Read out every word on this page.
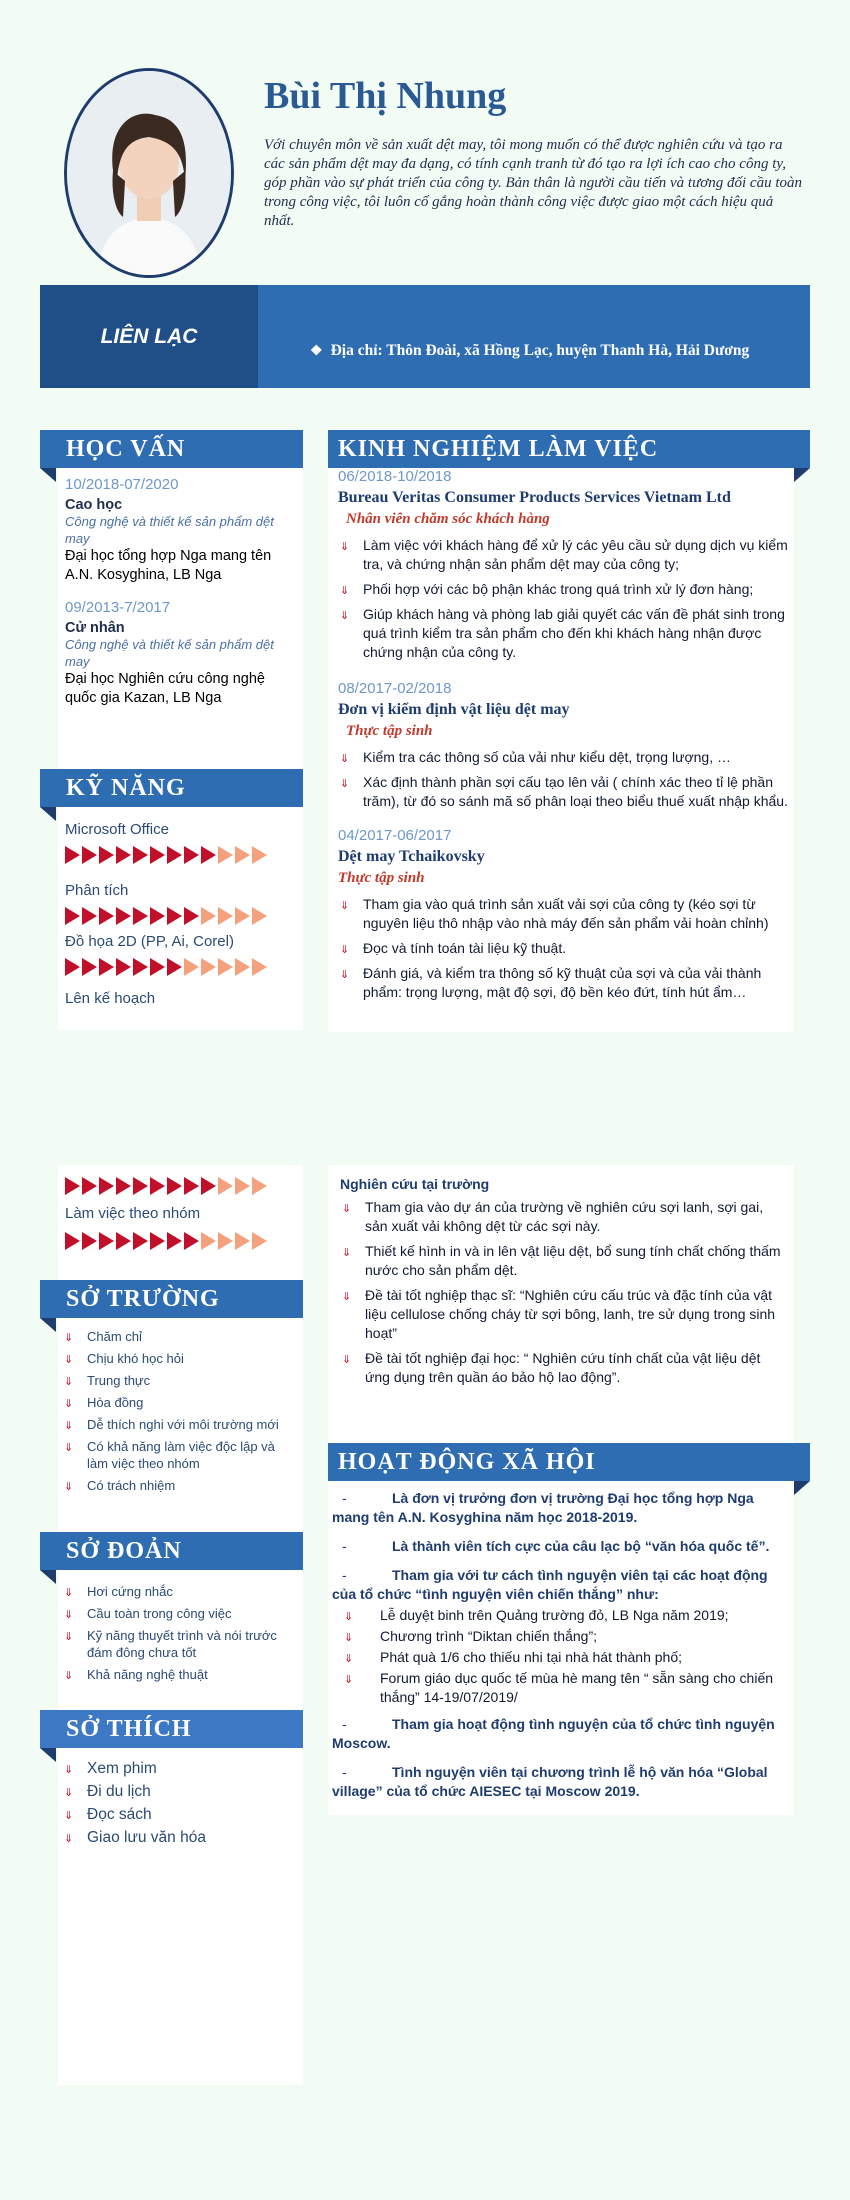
Bùi Thị Nhung
Với chuyên môn về sản xuất dệt may, tôi mong muốn có thể được nghiên cứu và tạo ra các sản phẩm dệt may đa dạng, có tính cạnh tranh từ đó tạo ra lợi ích cao cho công ty, góp phần vào sự phát triển của công ty. Bản thân là người cầu tiến và tương đối cầu toàn trong công việc, tôi luôn cố gắng hoàn thành công việc được giao một cách hiệu quả nhất.
LIÊN LẠC
❖ Địa chỉ: Thôn Đoài, xã Hồng Lạc, huyện Thanh Hà, Hải Dương
HỌC VẤN
10/2018-07/2020
Cao học
Công nghệ và thiết kế sản phẩm dệt may
Đại học tổng hợp Nga mang tên A.N. Kosyghina, LB Nga
09/2013-7/2017
Cử nhân
Công nghệ và thiết kế sản phẩm dệt may
Đại học Nghiên cứu công nghệ quốc gia Kazan, LB Nga
KỸ NĂNG
Microsoft Office
Phân tích
Đồ họa 2D (PP, Ai, Corel)
Lên kế hoạch
KINH NGHIỆM LÀM VIỆC
06/2018-10/2018
Bureau Veritas Consumer Products Services Vietnam Ltd
Nhân viên chăm sóc khách hàng
⇓ Làm việc với khách hàng để xử lý các yêu cầu sử dụng dịch vụ kiểm tra, và chứng nhận sản phẩm dệt may của công ty;
⇓ Phối hợp với các bộ phận khác trong quá trình xử lý đơn hàng;
⇓ Giúp khách hàng và phòng lab giải quyết các vấn đề phát sinh trong quá trình kiểm tra sản phẩm cho đến khi khách hàng nhận được chứng nhận của công ty.
08/2017-02/2018
Đơn vị kiểm định vật liệu dệt may
Thực tập sinh
⇓ Kiểm tra các thông số của vải như kiểu dệt, trọng lượng, …
⇓ Xác định thành phần sợi cấu tạo lên vải ( chính xác theo tỉ lệ phần trăm), từ đó so sánh mã số phân loại theo biểu thuế xuất nhập khẩu.
04/2017-06/2017
Dệt may Tchaikovsky
Thực tập sinh
⇓ Tham gia vào quá trình sản xuất vải sợi của công ty (kéo sợi từ nguyên liệu thô nhập vào nhà máy đến sản phẩm vải hoàn chỉnh)
⇓ Đọc và tính toán tài liệu kỹ thuật.
⇓ Đánh giá, và kiểm tra thông số kỹ thuật của sợi và của vải thành phẩm: trọng lượng, mật độ sợi, độ bền kéo đứt, tính hút ẩm…
Làm việc theo nhóm
SỞ TRƯỜNG
⇓ Chăm chỉ
⇓ Chịu khó học hỏi
⇓ Trung thực
⇓ Hòa đồng
⇓ Dễ thích nghi với môi trường mới
⇓ Có khả năng làm việc độc lập và làm việc theo nhóm
⇓ Có trách nhiệm
SỞ ĐOẢN
⇓ Hơi cứng nhắc
⇓ Cầu toàn trong công việc
⇓ Kỹ năng thuyết trình và nói trước đám đông chưa tốt
⇓ Khả năng nghệ thuật
SỞ THÍCH
⇓ Xem phim
⇓ Đi du lịch
⇓ Đọc sách
⇓ Giao lưu văn hóa
Nghiên cứu tại trường
⇓ Tham gia vào dự án của trường về nghiên cứu sợi lanh, sợi gai, sản xuất vải không dệt từ các sợi này.
⇓ Thiết kế hình in và in lên vật liệu dệt, bổ sung tính chất chống thấm nước cho sản phẩm dệt.
⇓ Đề tài tốt nghiệp thạc sĩ: “Nghiên cứu cấu trúc và đặc tính của vật liệu cellulose chống cháy từ sợi bông, lanh, tre sử dụng trong sinh hoạt”
⇓ Đề tài tốt nghiệp đại học: “ Nghiên cứu tính chất của vật liệu dệt ứng dụng trên quần áo bảo hộ lao động”.
HOẠT ĐỘNG XÃ HỘI
-	Là đơn vị trưởng đơn vị trường Đại học tổng hợp Nga mang tên A.N. Kosyghina năm học 2018-2019.
-	Là thành viên tích cực của câu lạc bộ “văn hóa quốc tế”.
-	Tham gia với tư cách tình nguyện viên tại các hoạt động của tổ chức “tình nguyện viên chiến thắng” như:
⇓ Lễ duyệt binh trên Quảng trường đỏ, LB Nga năm 2019;
⇓ Chương trình “Diktan chiến thắng”;
⇓ Phát quà 1/6 cho thiếu nhi tại nhà hát thành phố;
⇓ Forum giáo dục quốc tế mùa hè mang tên “ sẵn sàng cho chiến thắng” 14-19/07/2019/
-	Tham gia hoạt động tình nguyện của tổ chức tình nguyện Moscow.
-	Tình nguyện viên tại chương trình lễ hộ văn hóa “Global village” của tổ chức AIESEC tại Moscow 2019.
